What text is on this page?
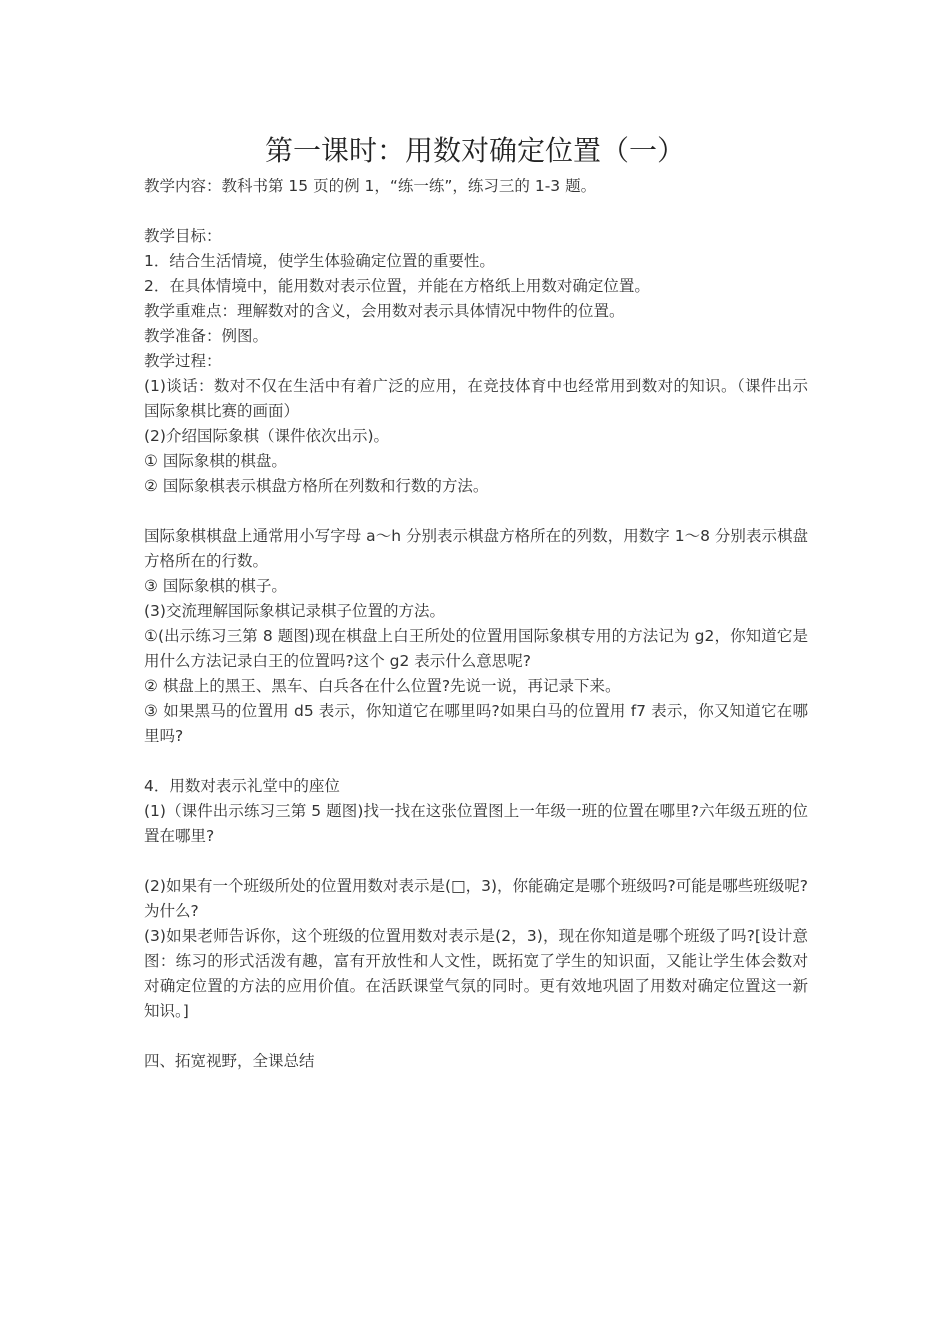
第一课时：用数对确定位置（一）

教学内容：教科书第 15 页的例 1，“练一练”，练习三的 1-3 题。

教学目标：

1．结合生活情境，使学生体验确定位置的重要性。

2．在具体情境中，能用数对表示位置，并能在方格纸上用数对确定位置。

教学重难点：理解数对的含义，会用数对表示具体情况中物件的位置。

教学准备：例图。

教学过程：

(1)谈话：数对不仅在生活中有着广泛的应用，在竞技体育中也经常用到数对的知识。（课件出示国际象棋比赛的画面）

(2)介绍国际象棋（课件依次出示)。

① 国际象棋的棋盘。

② 国际象棋表示棋盘方格所在列数和行数的方法。

国际象棋棋盘上通常用小写字母 a～h 分别表示棋盘方格所在的列数，用数字 1～8 分别表示棋盘方格所在的行数。

③ 国际象棋的棋子。

(3)交流理解国际象棋记录棋子位置的方法。

①(出示练习三第 8 题图)现在棋盘上白王所处的位置用国际象棋专用的方法记为 g2，你知道它是用什么方法记录白王的位置吗?这个 g2 表示什么意思呢?

② 棋盘上的黑王、黑车、白兵各在什么位置?先说一说，再记录下来。

③ 如果黑马的位置用 d5 表示，你知道它在哪里吗?如果白马的位置用 f7 表示，你又知道它在哪里吗?

4．用数对表示礼堂中的座位

(1)（课件出示练习三第 5 题图)找一找在这张位置图上一年级一班的位置在哪里?六年级五班的位置在哪里?

(2)如果有一个班级所处的位置用数对表示是(□，3)，你能确定是哪个班级吗?可能是哪些班级呢?为什么?

(3)如果老师告诉你，这个班级的位置用数对表示是(2，3)，现在你知道是哪个班级了吗?[设计意图：练习的形式活泼有趣，富有开放性和人文性，既拓宽了学生的知识面，又能让学生体会数对对确定位置的方法的应用价值。在活跃课堂气氛的同时。更有效地巩固了用数对确定位置这一新知识。]

四、拓宽视野，全课总结
